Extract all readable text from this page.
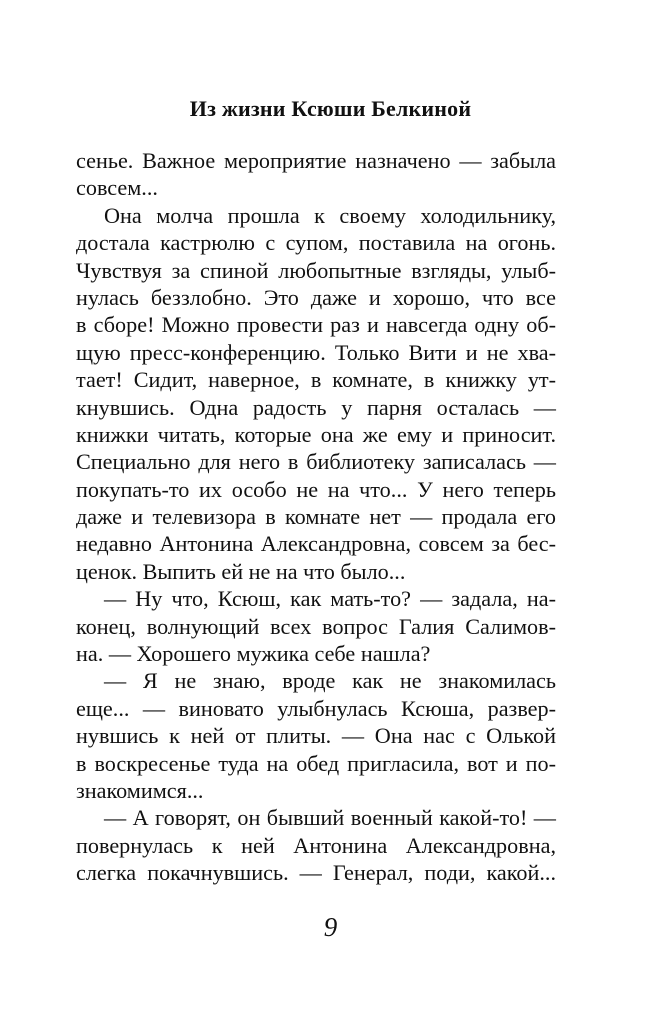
Из жизни Ксюши Белкиной
сенье. Важное мероприятие назначено — забыла
совсем...
Она молча прошла к своему холодильнику,
достала кастрюлю с супом, поставила на огонь.
Чувствуя за спиной любопытные взгляды, улыб-
нулась беззлобно. Это даже и хорошо, что все
в сборе! Можно провести раз и навсегда одну об-
щую пресс-конференцию. Только Вити и не хва-
тает! Сидит, наверное, в комнате, в книжку ут-
кнувшись. Одна радость у парня осталась —
книжки читать, которые она же ему и приносит.
Специально для него в библиотеку записалась —
покупать-то их особо не на что... У него теперь
даже и телевизора в комнате нет — продала его
недавно Антонина Александровна, совсем за бес-
ценок. Выпить ей не на что было...
— Ну что, Ксюш, как мать-то? — задала, на-
конец, волнующий всех вопрос Галия Салимов-
на. — Хорошего мужика себе нашла?
— Я не знаю, вроде как не знакомилась
еще... — виновато улыбнулась Ксюша, развер-
нувшись к ней от плиты. — Она нас с Олькой
в воскресенье туда на обед пригласила, вот и по-
знакомимся...
— А говорят, он бывший военный какой-то! —
повернулась к ней Антонина Александровна,
слегка покачнувшись. — Генерал, поди, какой...
9
